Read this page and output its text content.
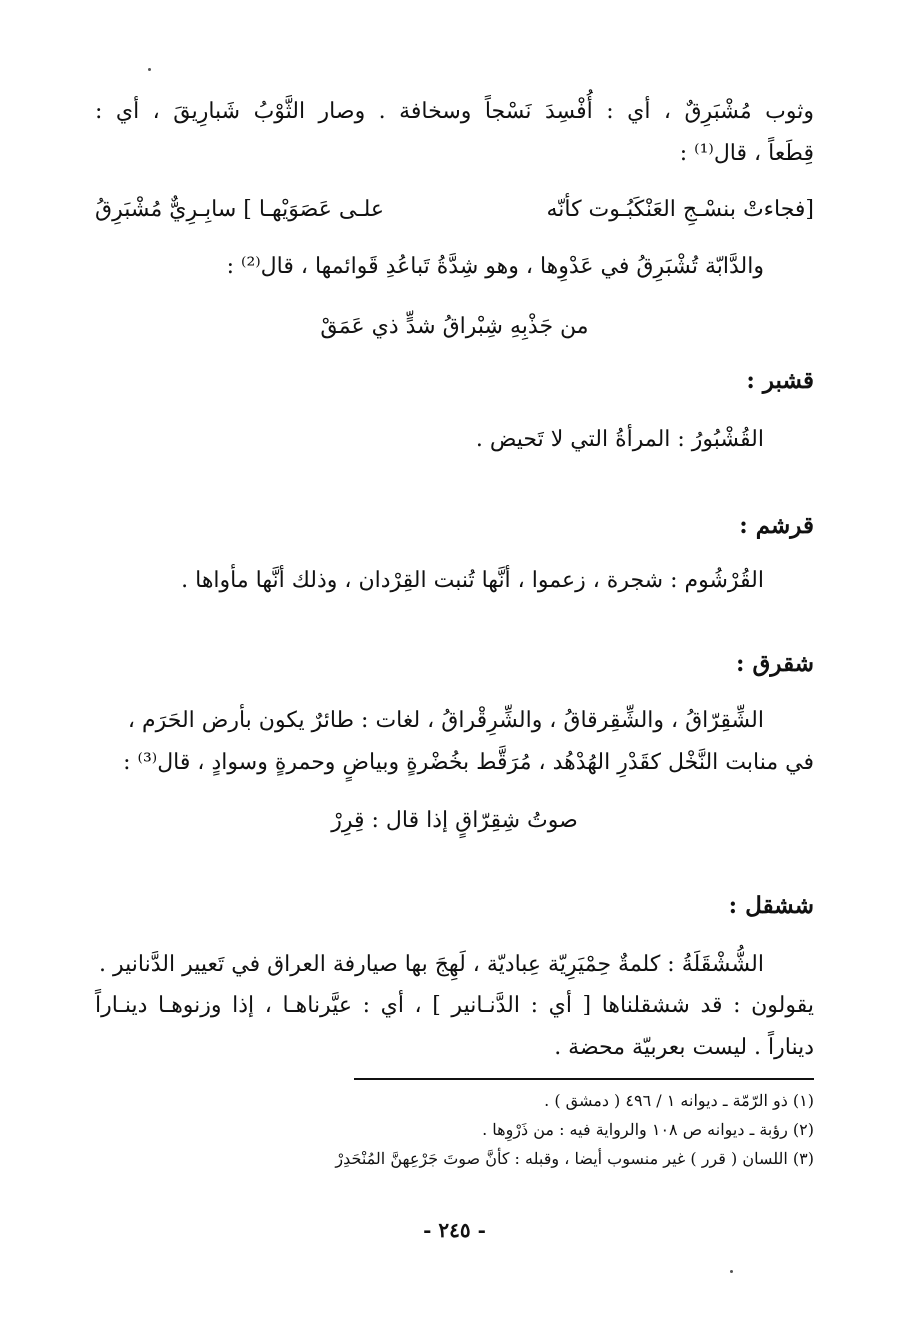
وثوب مُشْبَرِقٌ ، أي : أُفْسِدَ نَسْجاً وسخافة . وصار الثَّوْبُ شَبارِيقَ ، أي :
قِطَعاً ، قال⁽¹⁾ :
[فجاءتْ بنسْـجِ العَنْكَبُـوت كأنّه
علـى عَصَوَيْهـا ] سابِـرِيٌّ مُشْبَرِقُ
والدَّابّة تُشْبَرِقُ في عَدْوِها ، وهو شِدَّةُ تَباعُدِ قَوائمها ، قال⁽²⁾ :
من جَذْبِهِ شِبْراقُ شدٍّ ذي عَمَقْ
قشبر :
القُشْبُورُ : المرأةُ التي لا تَحيض .
قرشم :
القُرْشُوم : شجرة ، زعموا ، أنَّها تُنبت القِرْدان ، وذلك أنَّها مأواها .
شقرق :
الشِّقِرّاقُ ، والشِّقِرقاقُ ، والشِّرِقْراقُ ، لغات : طائرٌ يكون بأرض الحَرَم ،
في منابت النَّخْل كقَدْرِ الهُدْهُد ، مُرَقَّط بخُضْرةٍ وبياضٍ وحمرةٍ وسوادٍ ، قال⁽³⁾ :
صوتُ شِقِرّاقٍ إذا قال : قِرِرْ
ششقل :
الشُّشْقَلَةُ : كلمةٌ حِمْيَرِيّة عِباديّة ، لَهِجَ بها صيارفة العراق في تَعيير الدَّنانير .
يقولون : قد ششقلناها [ أي : الدَّنـانير ] ، أي : عيَّرناهـا ، إذا وزنوهـا دينـاراً
ديناراً . ليست بعربيّة محضة .
(١) ذو الرّمّة ـ ديوانه ١ / ٤٩٦ ( دمشق ) .
(٢) رؤبة ـ ديوانه ص ١٠٨ والرواية فيه : من ذَرْوِها .
(٣) اللسان ( قرر ) غير منسوب أيضا ، وقبله : كأنَّ صوتَ جَرْعِهنَّ المُنْحَدِرْ
- ٢٤٥ -
